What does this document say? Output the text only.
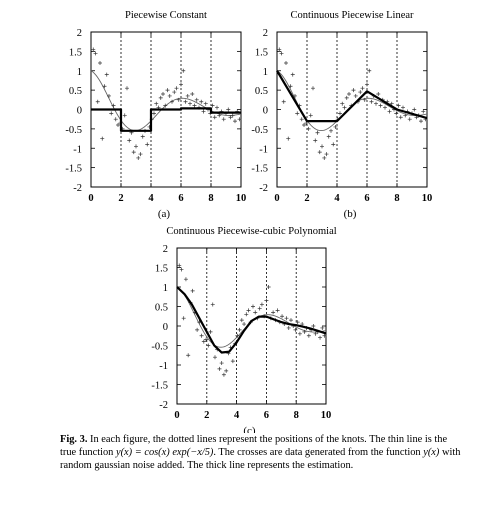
Piecewise Constant
0 2 4 6 8 10
-2
-1.5
-1
-0.5
0
0.5
1
1.5
2
(a)
Continuous Piecewise Linear
0 2 4 6 8 10
-2
-1.5
-1
-0.5
0
0.5
1
1.5
2
(b)
Continuous Piecewise-cubic Polynomial
0 2 4 6 8 10
-2
-1.5
-1
-0.5
0
0.5
1
1.5
2
(c)
Fig. 3. In each figure, the dotted lines represent the positions of the knots. The thin line is the true function y(x) = cos(x) exp(−x/5). The crosses are data generated from the function y(x) with random gaussian noise added. The thick line represents the estimation.
